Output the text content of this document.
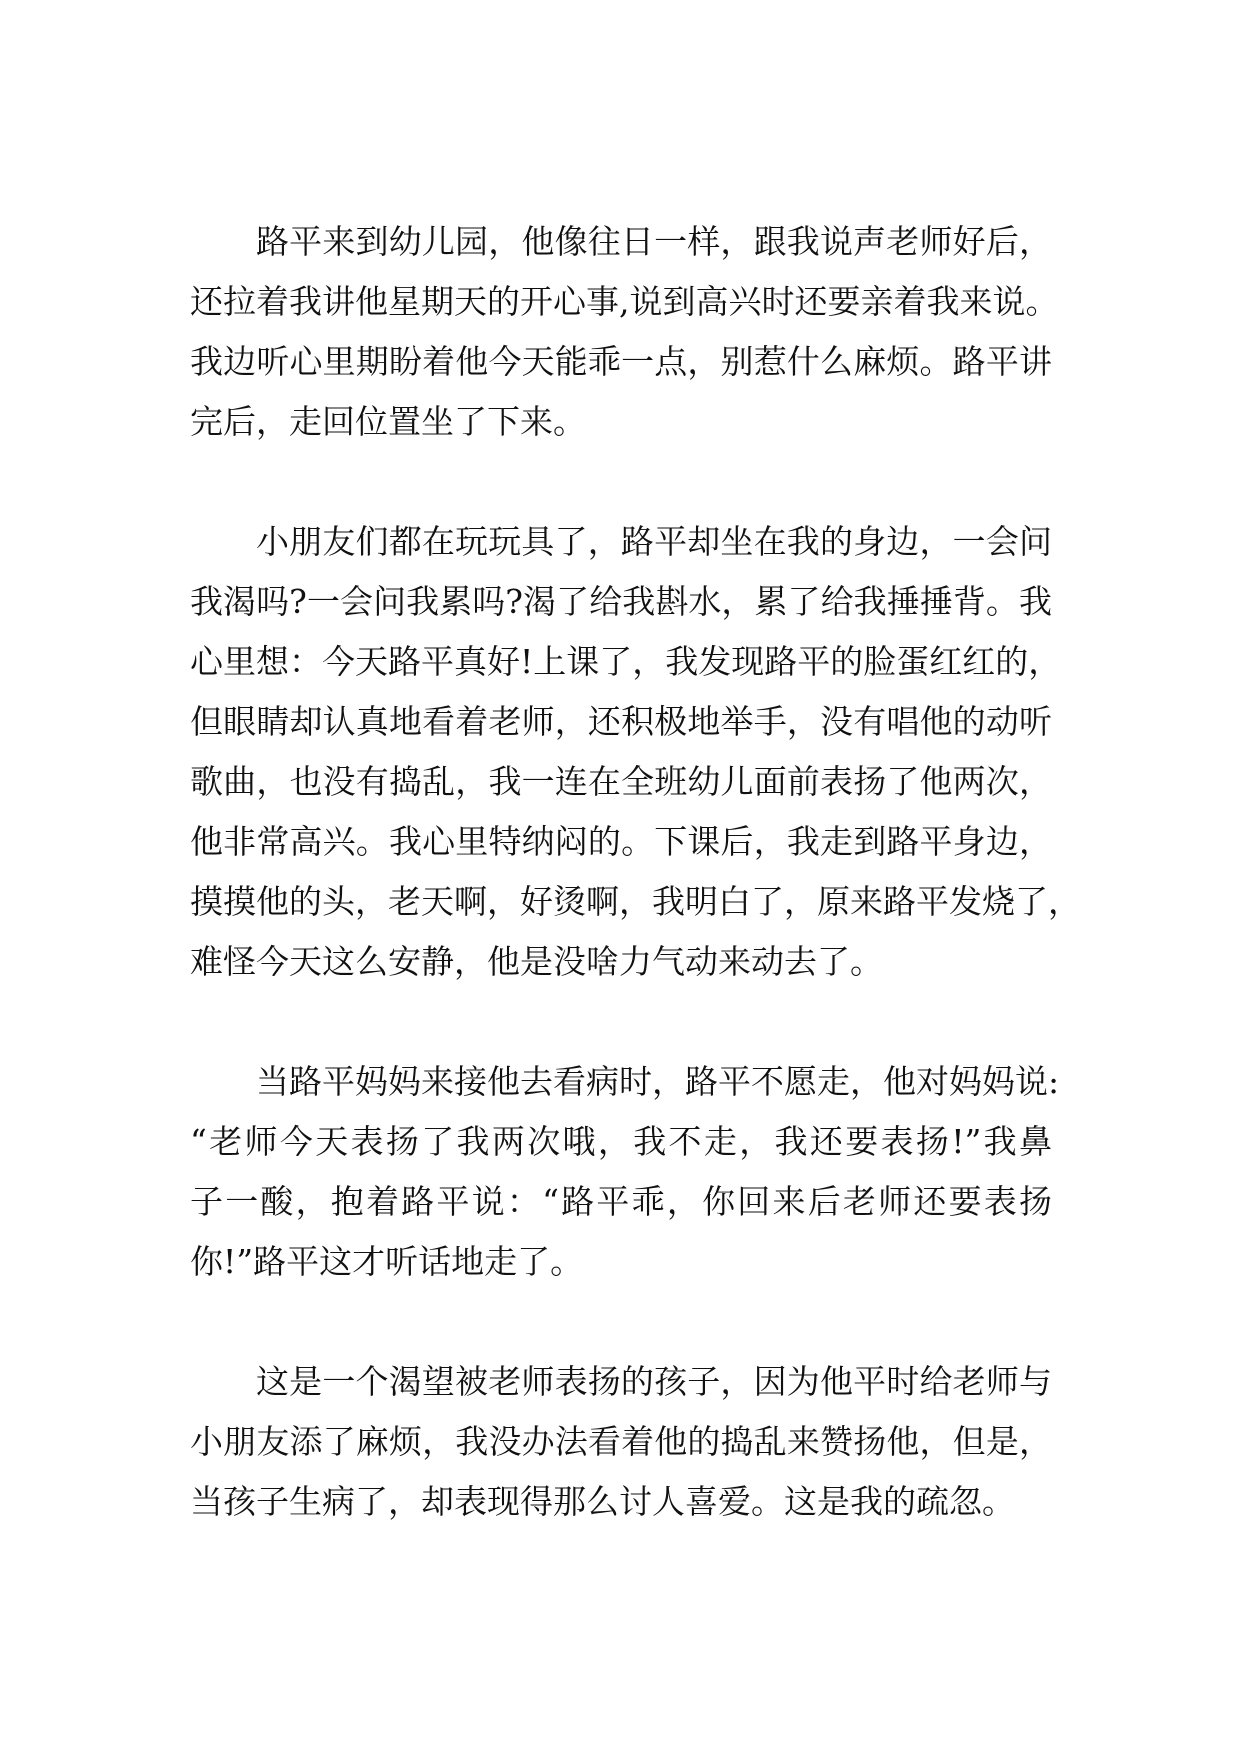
路平来到幼儿园，他像往日一样，跟我说声老师好后，
还拉着我讲他星期天的开心事,说到高兴时还要亲着我来说。
我边听心里期盼着他今天能乖一点，别惹什么麻烦。路平讲
完后，走回位置坐了下来。
小朋友们都在玩玩具了，路平却坐在我的身边，一会问
我渴吗?一会问我累吗?渴了给我斟水，累了给我捶捶背。我
心里想：今天路平真好!上课了，我发现路平的脸蛋红红的，
但眼睛却认真地看着老师，还积极地举手，没有唱他的动听
歌曲，也没有捣乱，我一连在全班幼儿面前表扬了他两次，
他非常高兴。我心里特纳闷的。下课后，我走到路平身边，
摸摸他的头，老天啊，好烫啊，我明白了，原来路平发烧了，
难怪今天这么安静，他是没啥力气动来动去了。
当路平妈妈来接他去看病时，路平不愿走，他对妈妈说:
“老师今天表扬了我两次哦，我不走，我还要表扬!”我鼻
子一酸，抱着路平说：“路平乖，你回来后老师还要表扬
你!”路平这才听话地走了。
这是一个渴望被老师表扬的孩子，因为他平时给老师与
小朋友添了麻烦，我没办法看着他的捣乱来赞扬他，但是，
当孩子生病了，却表现得那么讨人喜爱。这是我的疏忽。
